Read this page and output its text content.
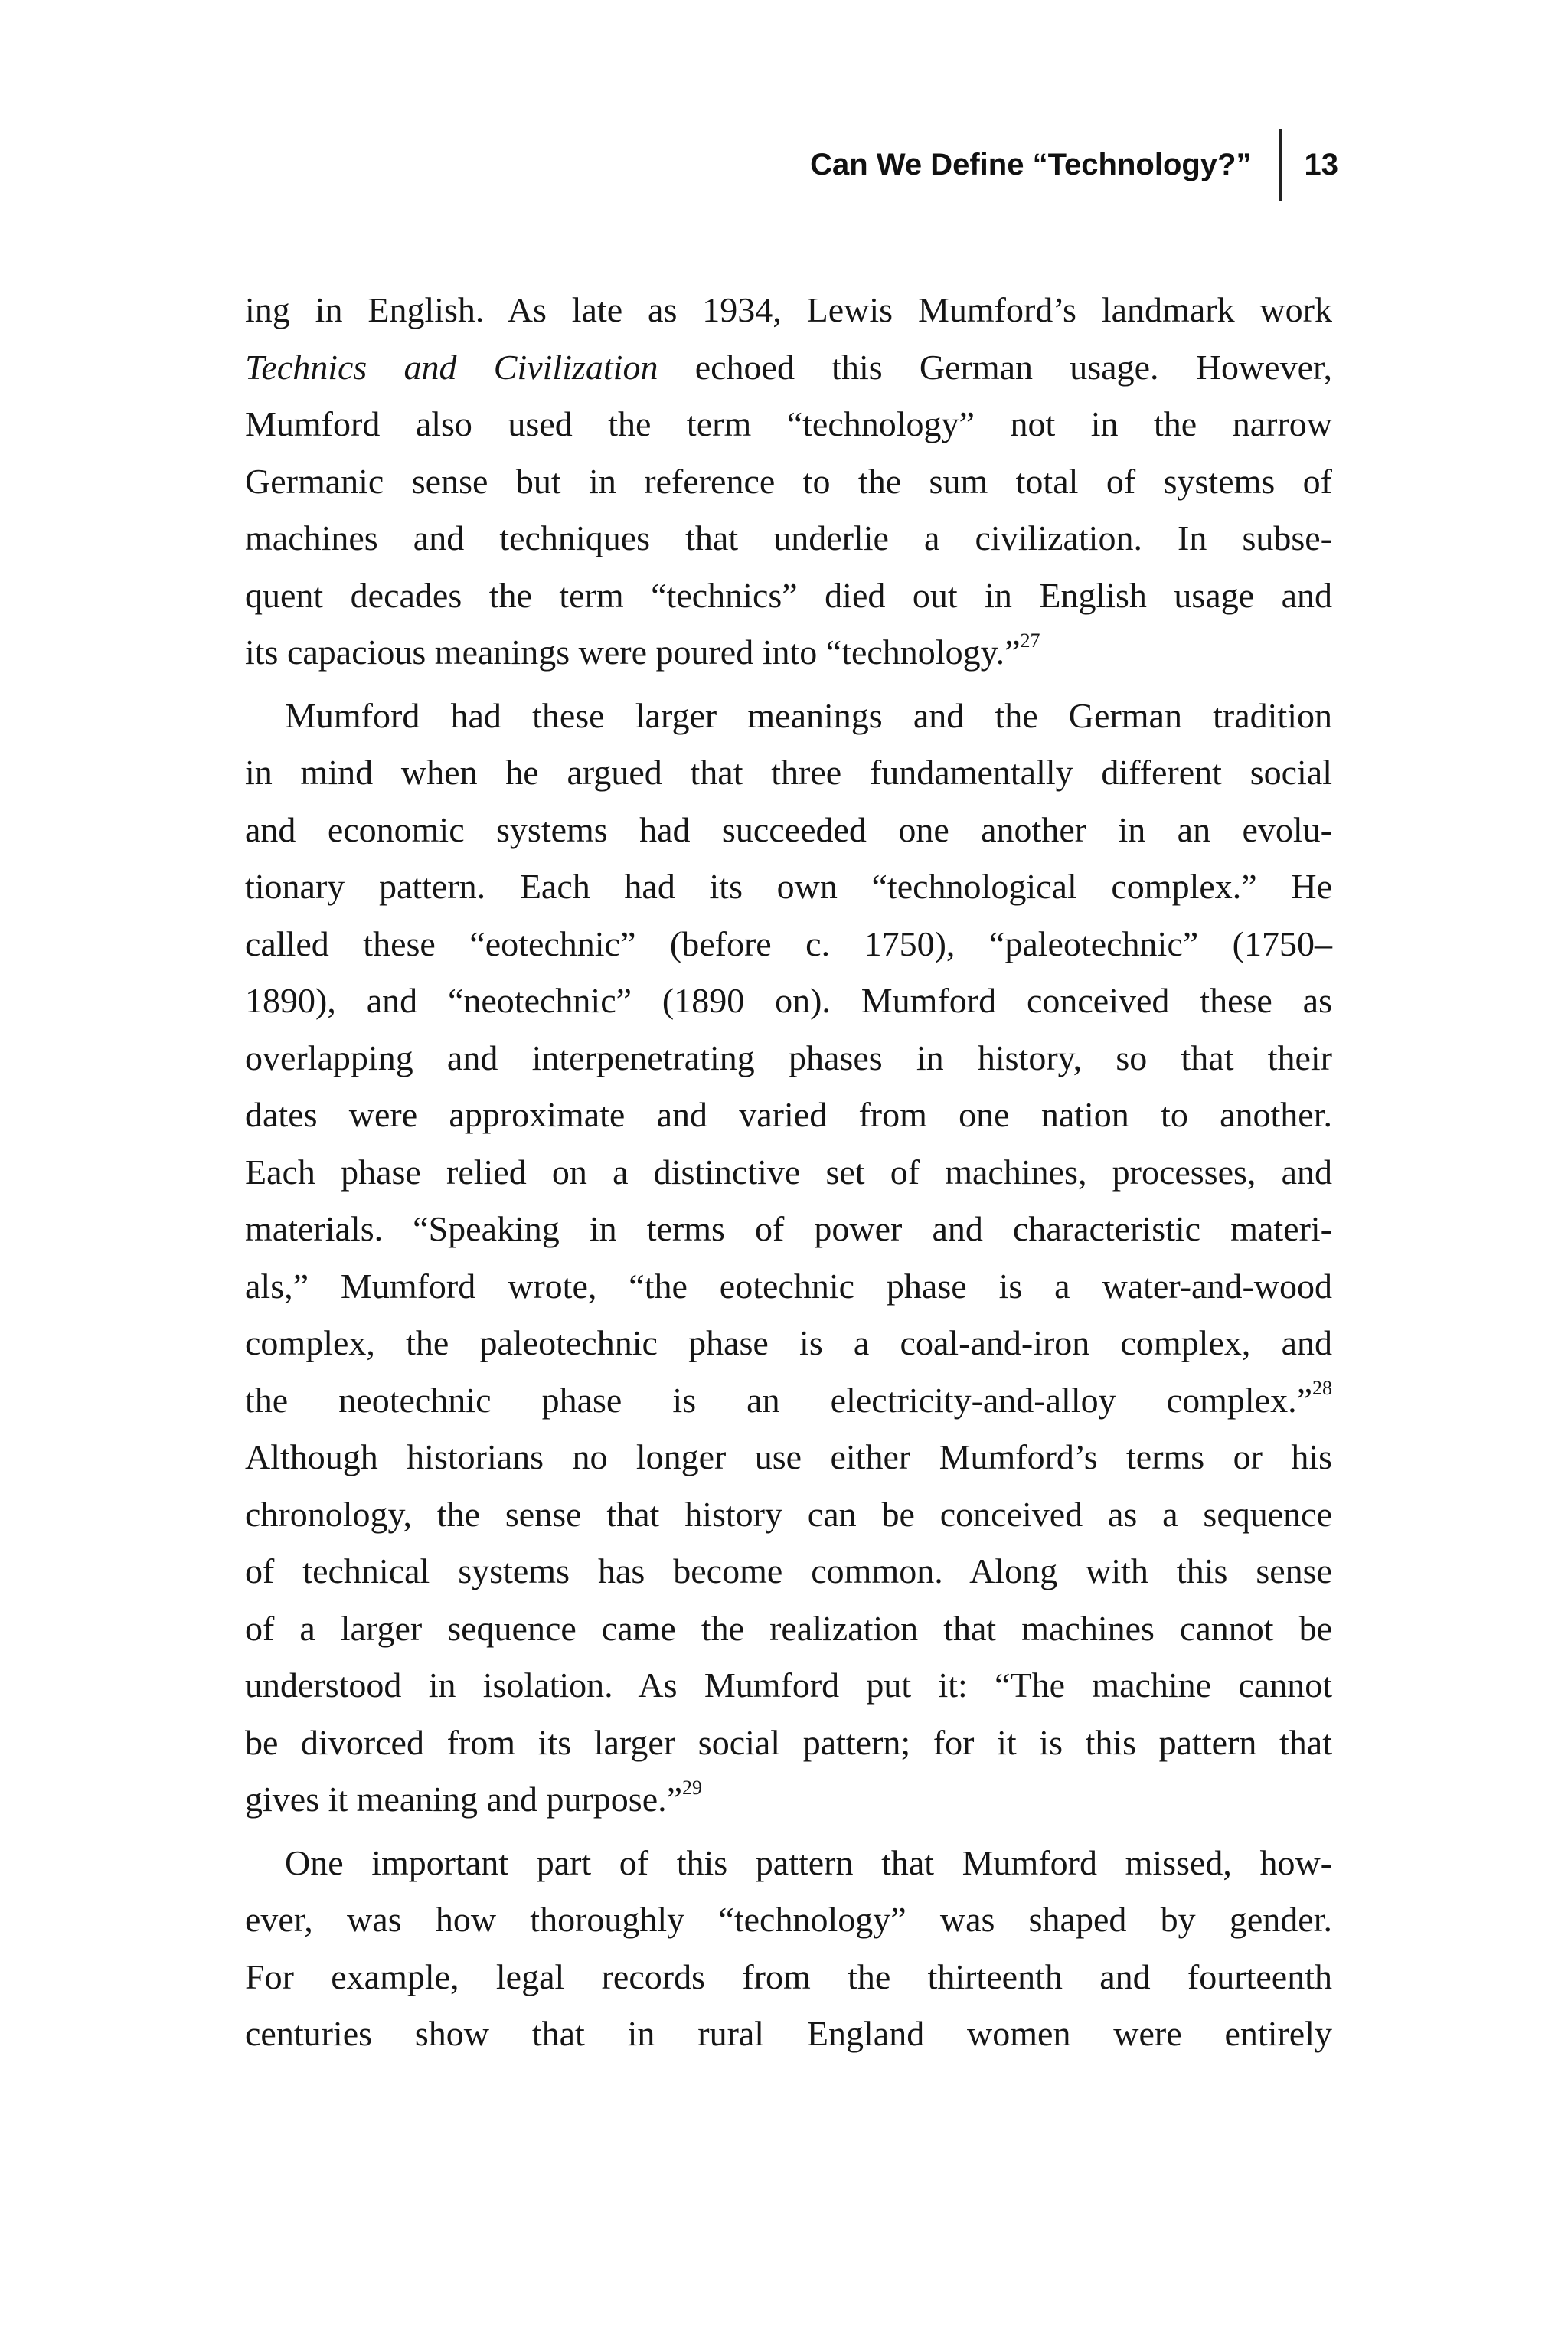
Can We Define “Technology?”	13
ing in English. As late as 1934, Lewis Mumford’s landmark work
Technics and Civilization echoed this German usage. However,
Mumford also used the term “technology” not in the narrow
Germanic sense but in reference to the sum total of systems of
machines and techniques that underlie a civilization. In subse-
quent decades the term “technics” died out in English usage and
its capacious meanings were poured into “technology.”$^{27}$
Mumford had these larger meanings and the German tradition
in mind when he argued that three fundamentally different social
and economic systems had succeeded one another in an evolu-
tionary pattern. Each had its own “technological complex.” He
called these “eotechnic” (before c. 1750), “paleotechnic” (1750–
1890), and “neotechnic” (1890 on). Mumford conceived these as
overlapping and interpenetrating phases in history, so that their
dates were approximate and varied from one nation to another.
Each phase relied on a distinctive set of machines, processes, and
materials. “Speaking in terms of power and characteristic materi-
als,” Mumford wrote, “the eotechnic phase is a water-and-wood
complex, the paleotechnic phase is a coal-and-iron complex, and
the neotechnic phase is an electricity-and-alloy complex.”$^{28}$
Although historians no longer use either Mumford’s terms or his
chronology, the sense that history can be conceived as a sequence
of technical systems has become common. Along with this sense
of a larger sequence came the realization that machines cannot be
understood in isolation. As Mumford put it: “The machine cannot
be divorced from its larger social pattern; for it is this pattern that
gives it meaning and purpose.”$^{29}$
One important part of this pattern that Mumford missed, how-
ever, was how thoroughly “technology” was shaped by gender.
For example, legal records from the thirteenth and fourteenth
centuries show that in rural England women were entirely
